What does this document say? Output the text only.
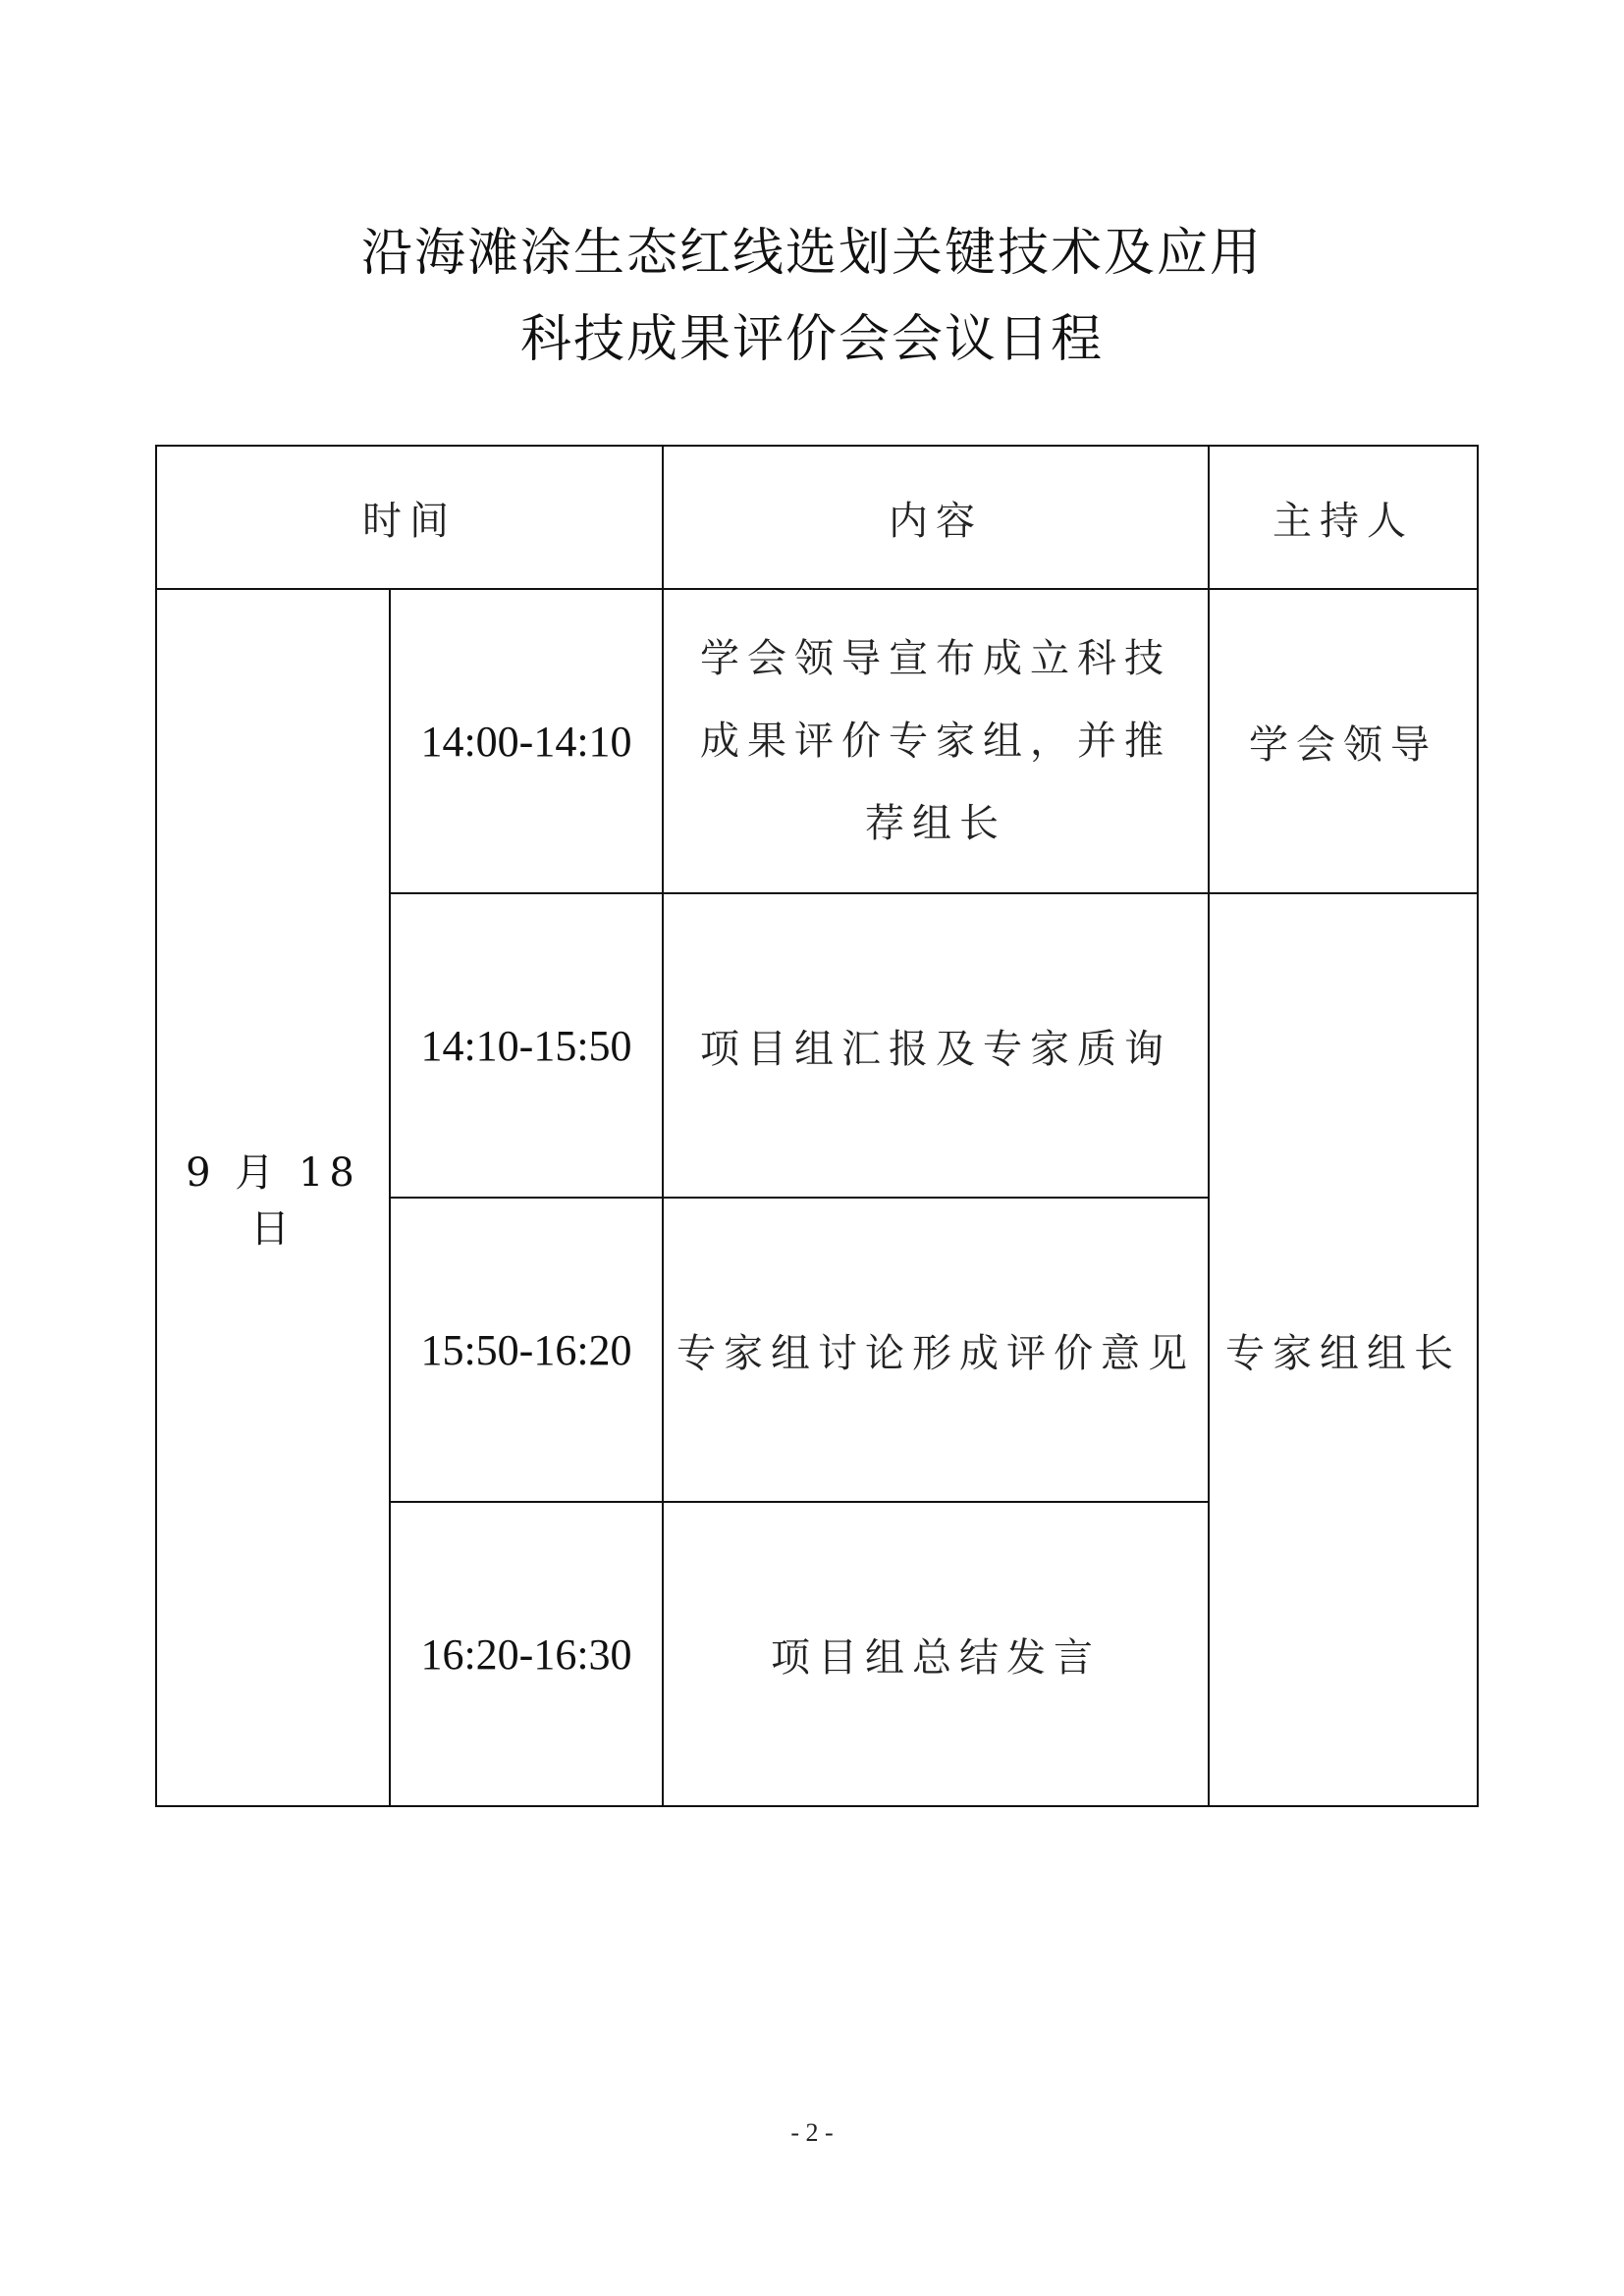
沿海滩涂生态红线选划关键技术及应用
科技成果评价会会议日程
时间		内容	主持人
9 月 18 日	14:00-14:10	学会领导宣布成立科技成果评价专家组，并推荐组长	学会领导
	14:10-15:50	项目组汇报及专家质询	专家组组长
	15:50-16:20	专家组讨论形成评价意见	
	16:20-16:30	项目组总结发言	
- 2 -
